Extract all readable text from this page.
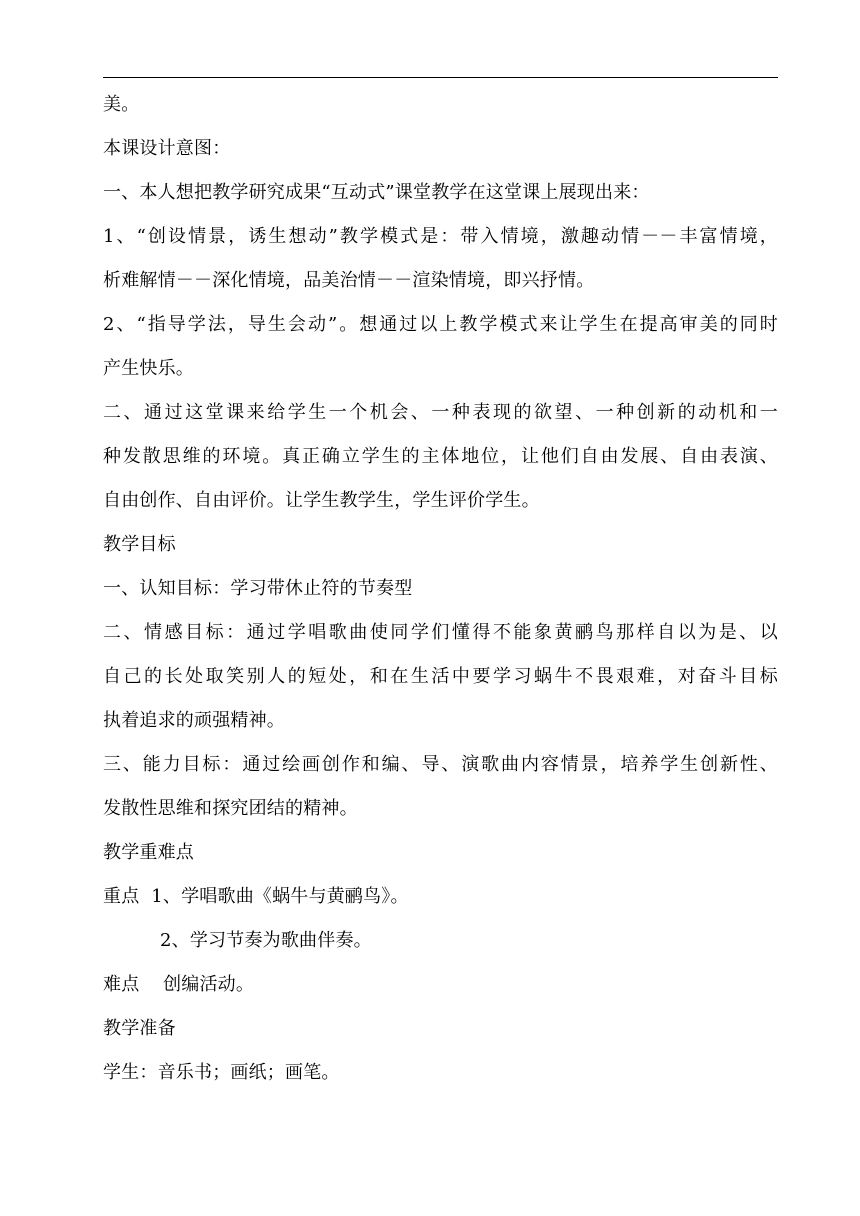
美。
本课设计意图：
一、本人想把教学研究成果“互动式”课堂教学在这堂课上展现出来：
1、“创设情景，诱生想动”教学模式是：带入情境，激趣动情－－丰富情境，
析难解情－－深化情境，品美治情－－渲染情境，即兴抒情。
2、“指导学法，导生会动”。想通过以上教学模式来让学生在提高审美的同时
产生快乐。
二、通过这堂课来给学生一个机会、一种表现的欲望、一种创新的动机和一
种发散思维的环境。真正确立学生的主体地位，让他们自由发展、自由表演、
自由创作、自由评价。让学生教学生，学生评价学生。
教学目标
一、认知目标：学习带休止符的节奏型
二、情感目标：通过学唱歌曲使同学们懂得不能象黄鹂鸟那样自以为是、以
自己的长处取笑别人的短处，和在生活中要学习蜗牛不畏艰难，对奋斗目标
执着追求的顽强精神。
三、能力目标：通过绘画创作和编、导、演歌曲内容情景，培养学生创新性、
发散性思维和探究团结的精神。
教学重难点
重点  1、学唱歌曲《蜗牛与黄鹂鸟》。
2、学习节奏为歌曲伴奏。
难点    创编活动。
教学准备
学生：音乐书；画纸；画笔。
